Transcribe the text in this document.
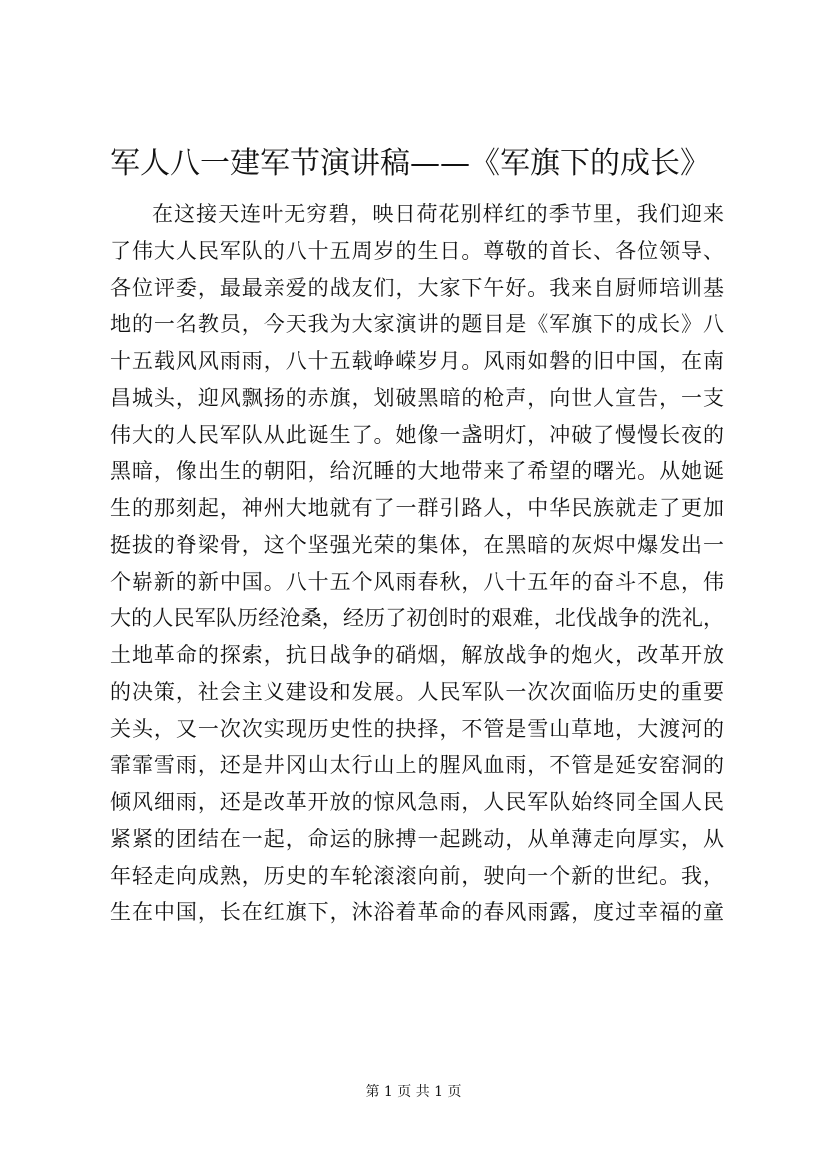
军人八一建军节演讲稿——《军旗下的成长》
在这接天连叶无穷碧，映日荷花别样红的季节里，我们迎来
了伟大人民军队的八十五周岁的生日。尊敬的首长、各位领导、
各位评委，最最亲爱的战友们，大家下午好。我来自厨师培训基
地的一名教员，今天我为大家演讲的题目是《军旗下的成长》八
十五载风风雨雨，八十五载峥嵘岁月。风雨如磐的旧中国，在南
昌城头，迎风飘扬的赤旗，划破黑暗的枪声，向世人宣告，一支
伟大的人民军队从此诞生了。她像一盏明灯，冲破了慢慢长夜的
黑暗，像出生的朝阳，给沉睡的大地带来了希望的曙光。从她诞
生的那刻起，神州大地就有了一群引路人，中华民族就走了更加
挺拔的脊梁骨，这个坚强光荣的集体，在黑暗的灰烬中爆发出一
个崭新的新中国。八十五个风雨春秋，八十五年的奋斗不息，伟
大的人民军队历经沧桑，经历了初创时的艰难，北伐战争的洗礼，
土地革命的探索，抗日战争的硝烟，解放战争的炮火，改革开放
的决策，社会主义建设和发展。人民军队一次次面临历史的重要
关头，又一次次实现历史性的抉择，不管是雪山草地，大渡河的
霏霏雪雨，还是井冈山太行山上的腥风血雨，不管是延安窑洞的
倾风细雨，还是改革开放的惊风急雨，人民军队始终同全国人民
紧紧的团结在一起，命运的脉搏一起跳动，从单薄走向厚实，从
年轻走向成熟，历史的车轮滚滚向前，驶向一个新的世纪。我，
生在中国，长在红旗下，沐浴着革命的春风雨露，度过幸福的童
第 1 页 共 1 页
